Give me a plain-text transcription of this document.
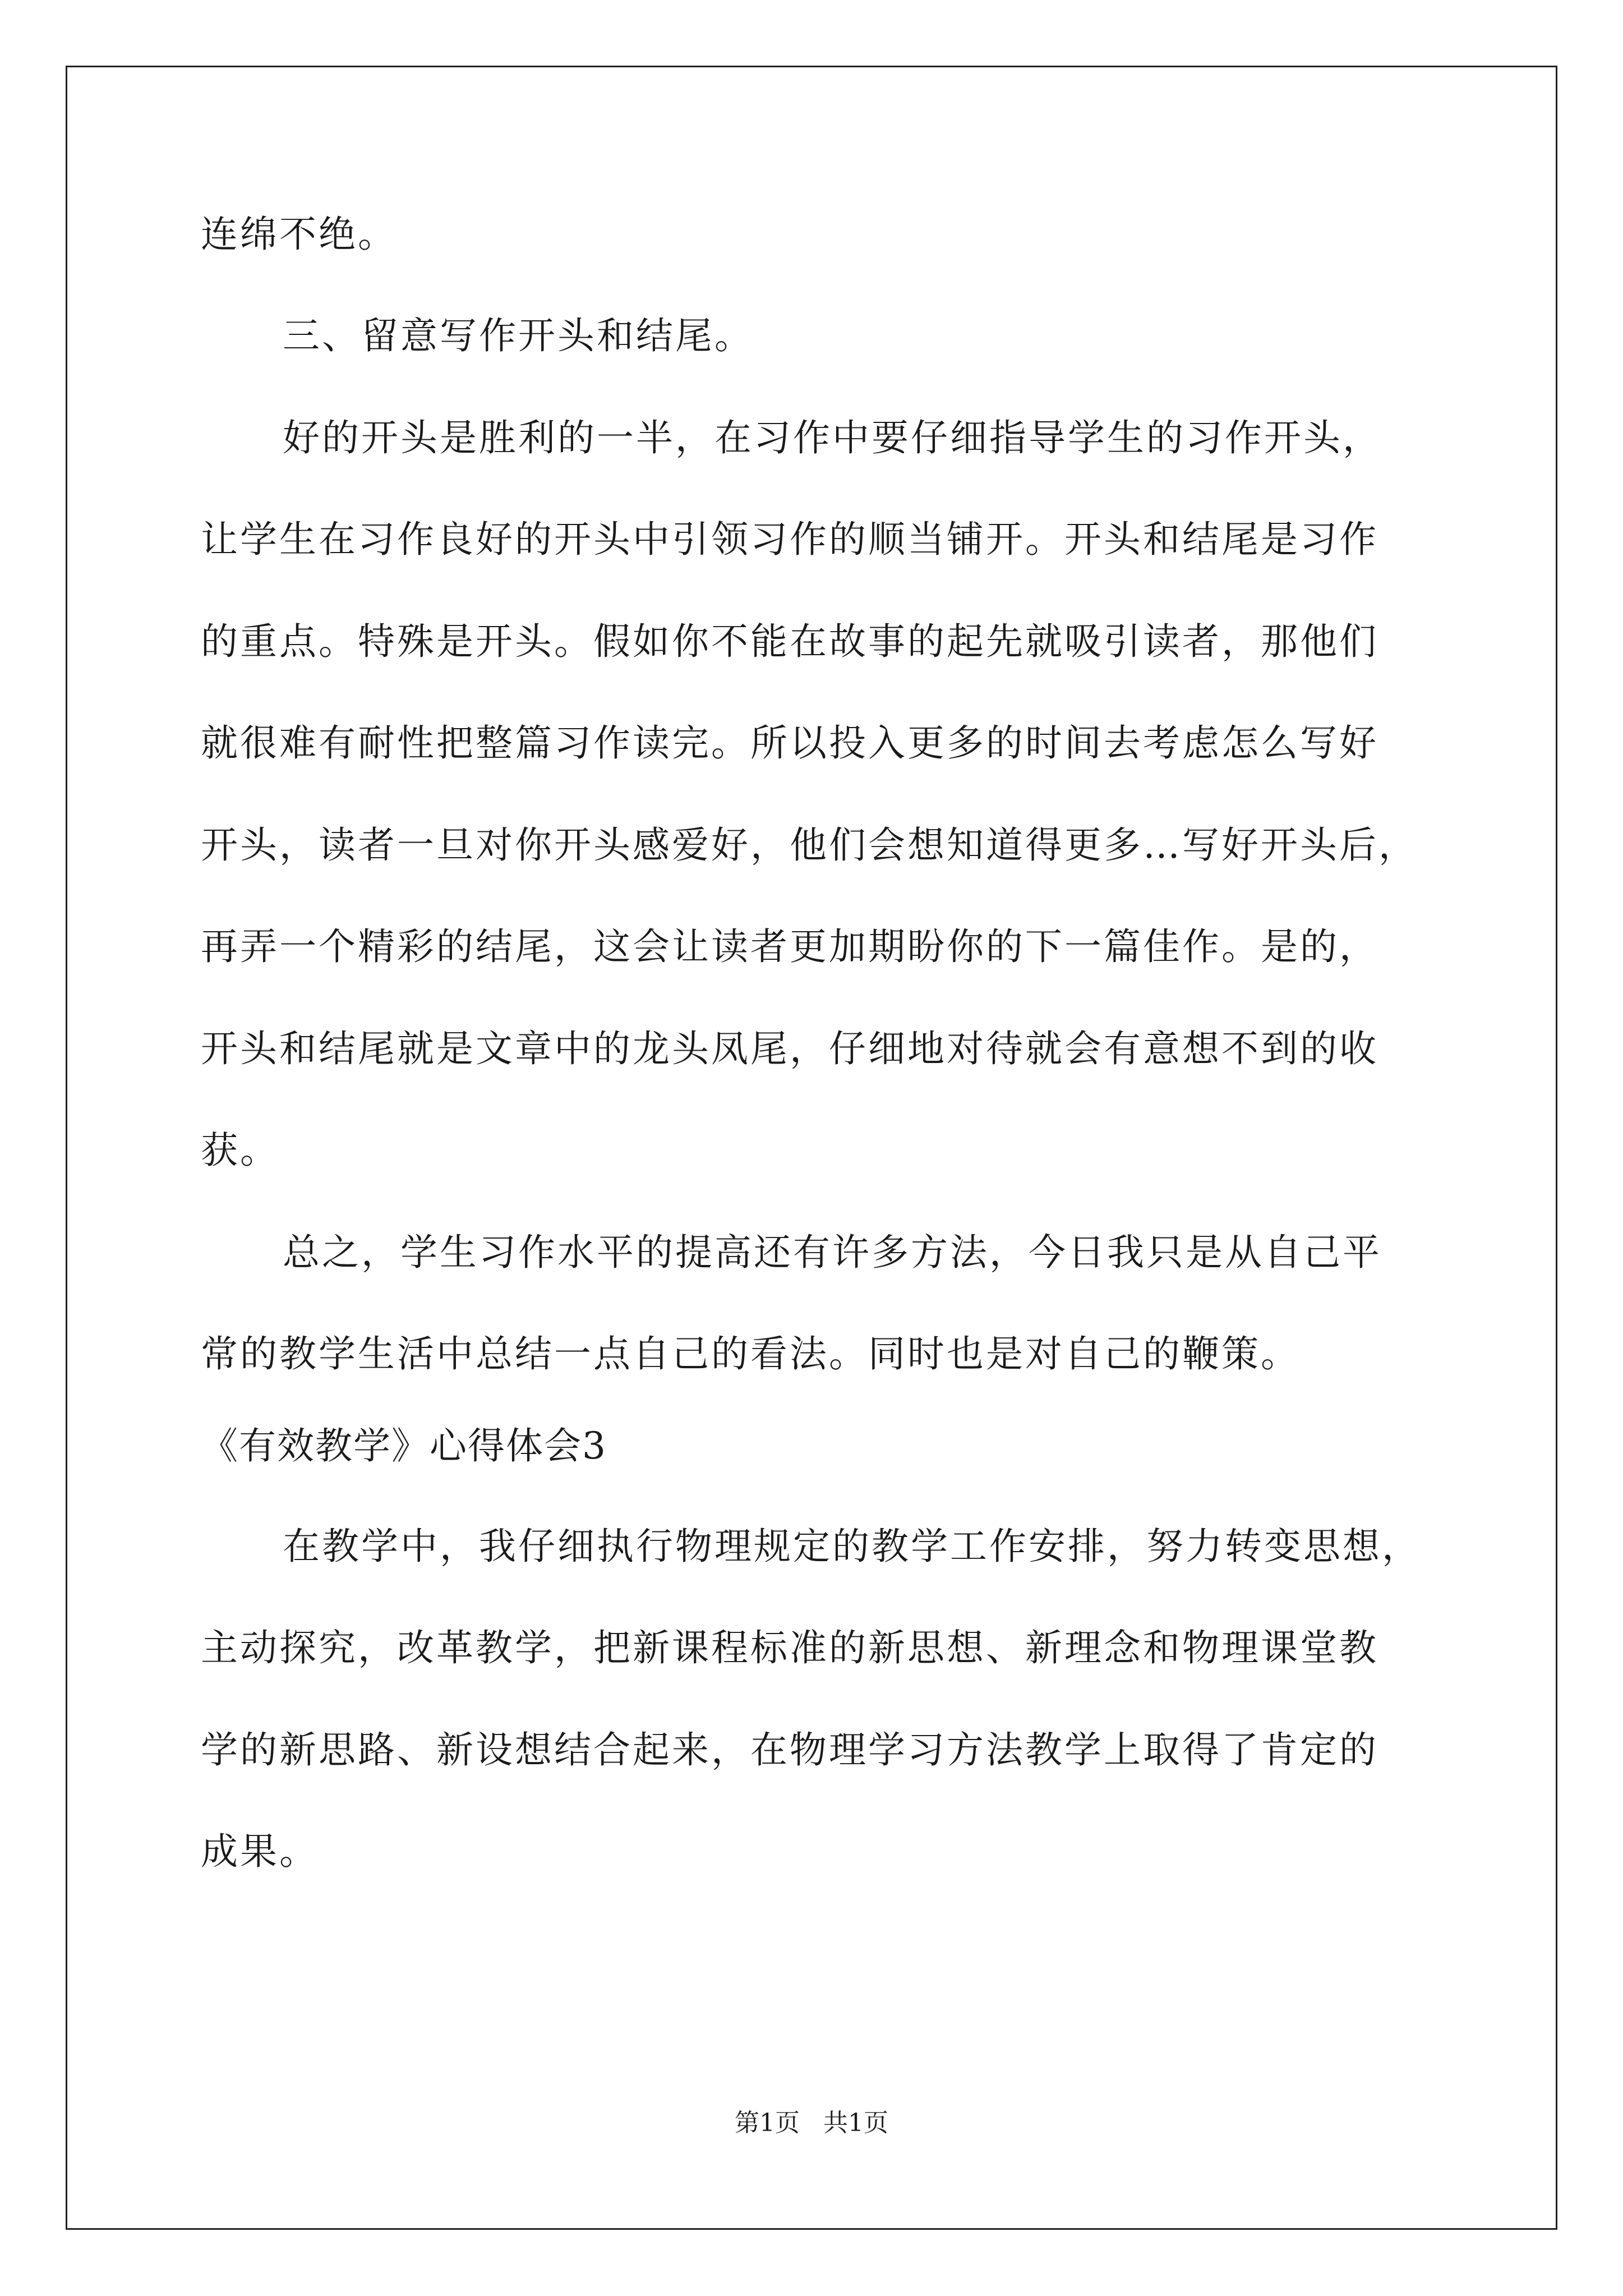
连绵不绝。
三、留意写作开头和结尾。
好的开头是胜利的一半，在习作中要仔细指导学生的习作开头，
让学生在习作良好的开头中引领习作的顺当铺开。开头和结尾是习作
的重点。特殊是开头。假如你不能在故事的起先就吸引读者，那他们
就很难有耐性把整篇习作读完。所以投入更多的时间去考虑怎么写好
开头，读者一旦对你开头感爱好，他们会想知道得更多…写好开头后，
再弄一个精彩的结尾，这会让读者更加期盼你的下一篇佳作。是的，
开头和结尾就是文章中的龙头凤尾，仔细地对待就会有意想不到的收
获。
总之，学生习作水平的提高还有许多方法，今日我只是从自己平
常的教学生活中总结一点自己的看法。同时也是对自己的鞭策。
《有效教学》心得体会3
在教学中，我仔细执行物理规定的教学工作安排，努力转变思想，
主动探究，改革教学，把新课程标准的新思想、新理念和物理课堂教
学的新思路、新设想结合起来，在物理学习方法教学上取得了肯定的
成果。
第1页   共1页
